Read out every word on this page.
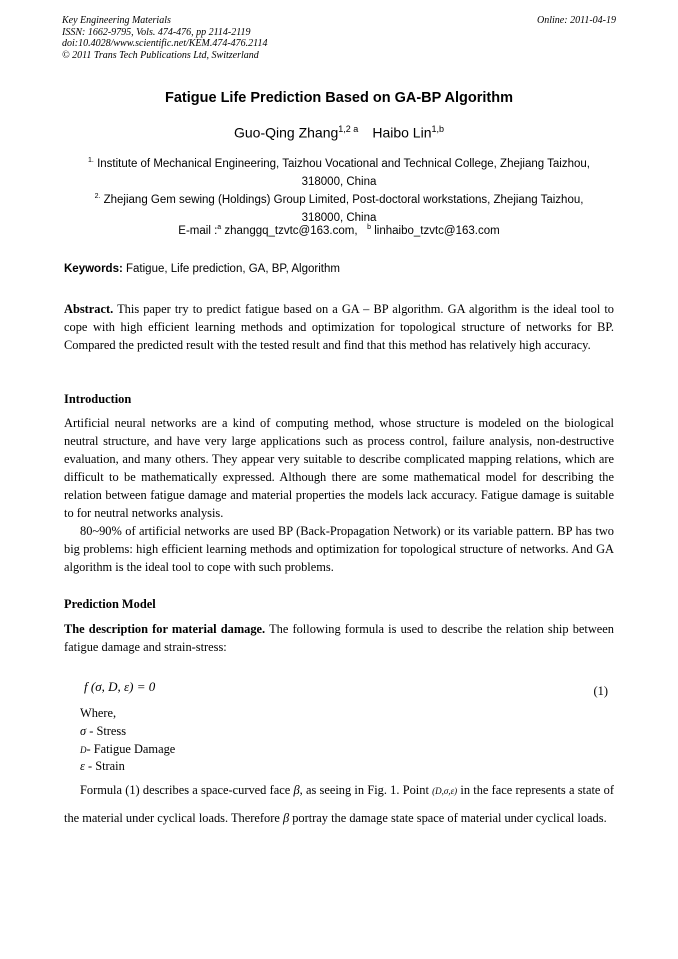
Key Engineering Materials
ISSN: 1662-9795, Vols. 474-476, pp 2114-2119
doi:10.4028/www.scientific.net/KEM.474-476.2114
© 2011 Trans Tech Publications Ltd, Switzerland
Online: 2011-04-19
Fatigue Life Prediction Based on GA-BP Algorithm
Guo-Qing Zhang$^{1,2 a}$ Haibo Lin$^{1,b}$
$^{1.}$ Institute of Mechanical Engineering, Taizhou Vocational and Technical College, Zhejiang Taizhou,
318000, China
$^{2.}$ Zhejiang Gem sewing (Holdings) Group Limited, Post-doctoral workstations, Zhejiang Taizhou,
318000, China
E-mail :$^a$ zhanggq_tzvtc@163.com, $^b$ linhaibo_tzvtc@163.com
Keywords: Fatigue, Life prediction, GA, BP, Algorithm
Abstract. This paper try to predict fatigue based on a GA – BP algorithm. GA algorithm is the ideal tool to cope with high efficient learning methods and optimization for topological structure of networks for BP. Compared the predicted result with the tested result and find that this method has relatively high accuracy.
Introduction
Artificial neural networks are a kind of computing method, whose structure is modeled on the biological neutral structure, and have very large applications such as process control, failure analysis, non-destructive evaluation, and many others. They appear very suitable to describe complicated mapping relations, which are difficult to be mathematically expressed. Although there are some mathematical model for describing the relation between fatigue damage and material properties the models lack accuracy. Fatigue damage is suitable to for neutral networks analysis.
80~90% of artificial networks are used BP (Back-Propagation Network) or its variable pattern. BP has two big problems: high efficient learning methods and optimization for topological structure of networks. And GA algorithm is the ideal tool to cope with such problems.
Prediction Model
The description for material damage. The following formula is used to describe the relation ship between fatigue damage and strain-stress:
f (σ, D, ε) = 0	(1)
Where,
σ - Stress
D- Fatigue Damage
ε - Strain
Formula (1) describes a space-curved face β, as seeing in Fig. 1. Point (D,σ,ε) in the face represents a state of the material under cyclical loads. Therefore β portray the damage state space of material under cyclical loads.
